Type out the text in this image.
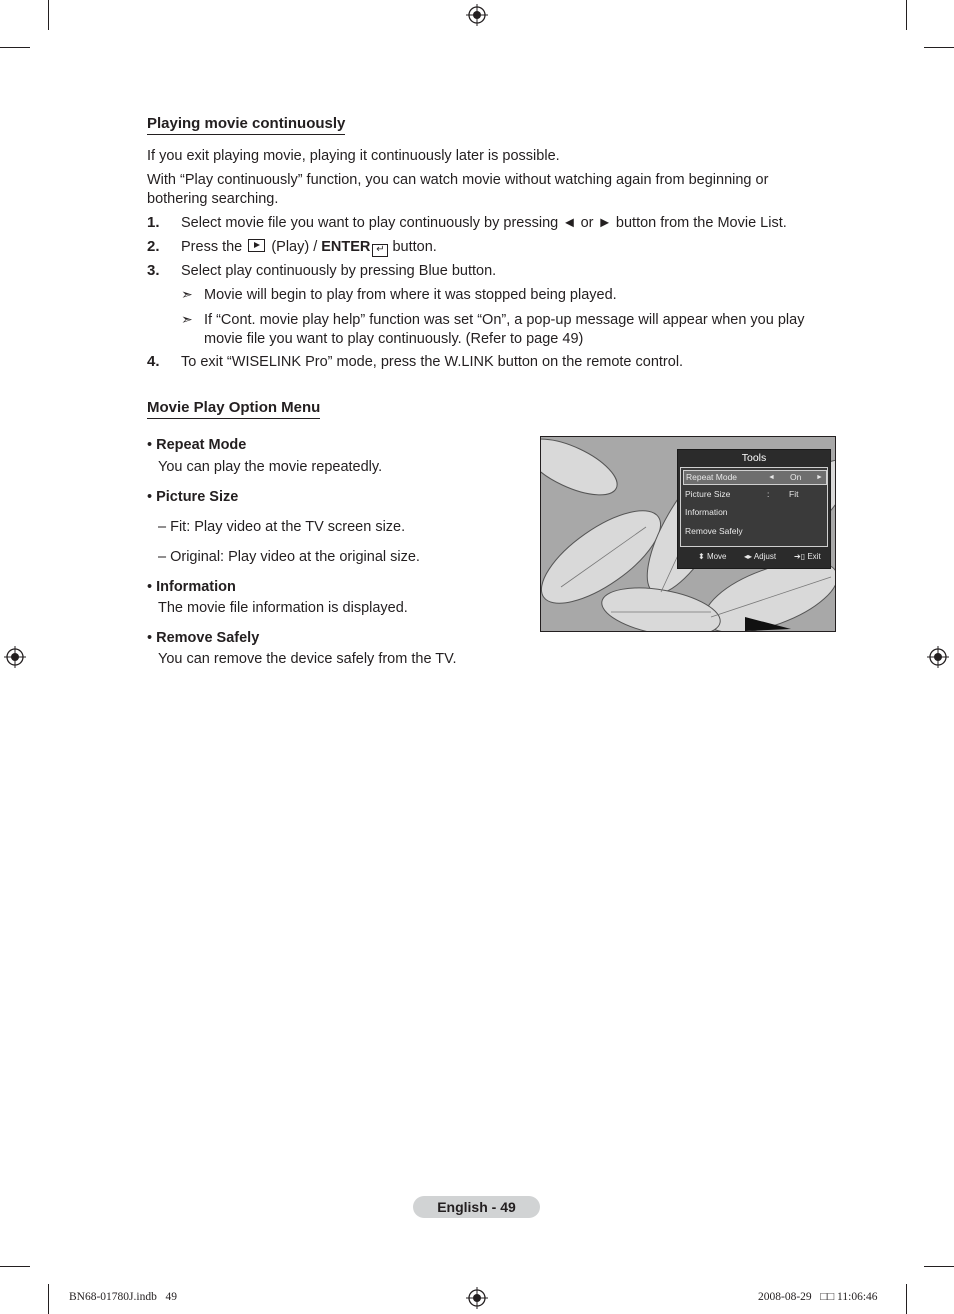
Playing movie continuously
If you exit playing movie, playing it continuously later is possible.
With “Play continuously” function, you can watch movie without watching again from beginning or bothering searching.
1. Select movie file you want to play continuously by pressing ◄ or ► button from the Movie List.
2. Press the (Play) / ENTER ↵ button.
3. Select play continuously by pressing Blue button.
➣ Movie will begin to play from where it was stopped being played.
➣ If “Cont. movie play help” function was set “On”, a pop-up message will appear when you play movie file you want to play continuously. (Refer to page 49)
4. To exit “WISELINK Pro” mode, press the W.LINK button on the remote control.
Movie Play Option Menu
• Repeat Mode
You can play the movie repeatedly.
• Picture Size
– Fit: Play video at the TV screen size.
– Original: Play video at the original size.
• Information
The movie file information is displayed.
• Remove Safely
You can remove the device safely from the TV.
Tools
Repeat Mode	◄ On ►
Picture Size	: Fit
Information
Remove Safely
⬍ Move ◂▸ Adjust ➔▯ Exit
English - 49
BN68-01780J.indb   49	2008-08-29   □□ 11:06:46
